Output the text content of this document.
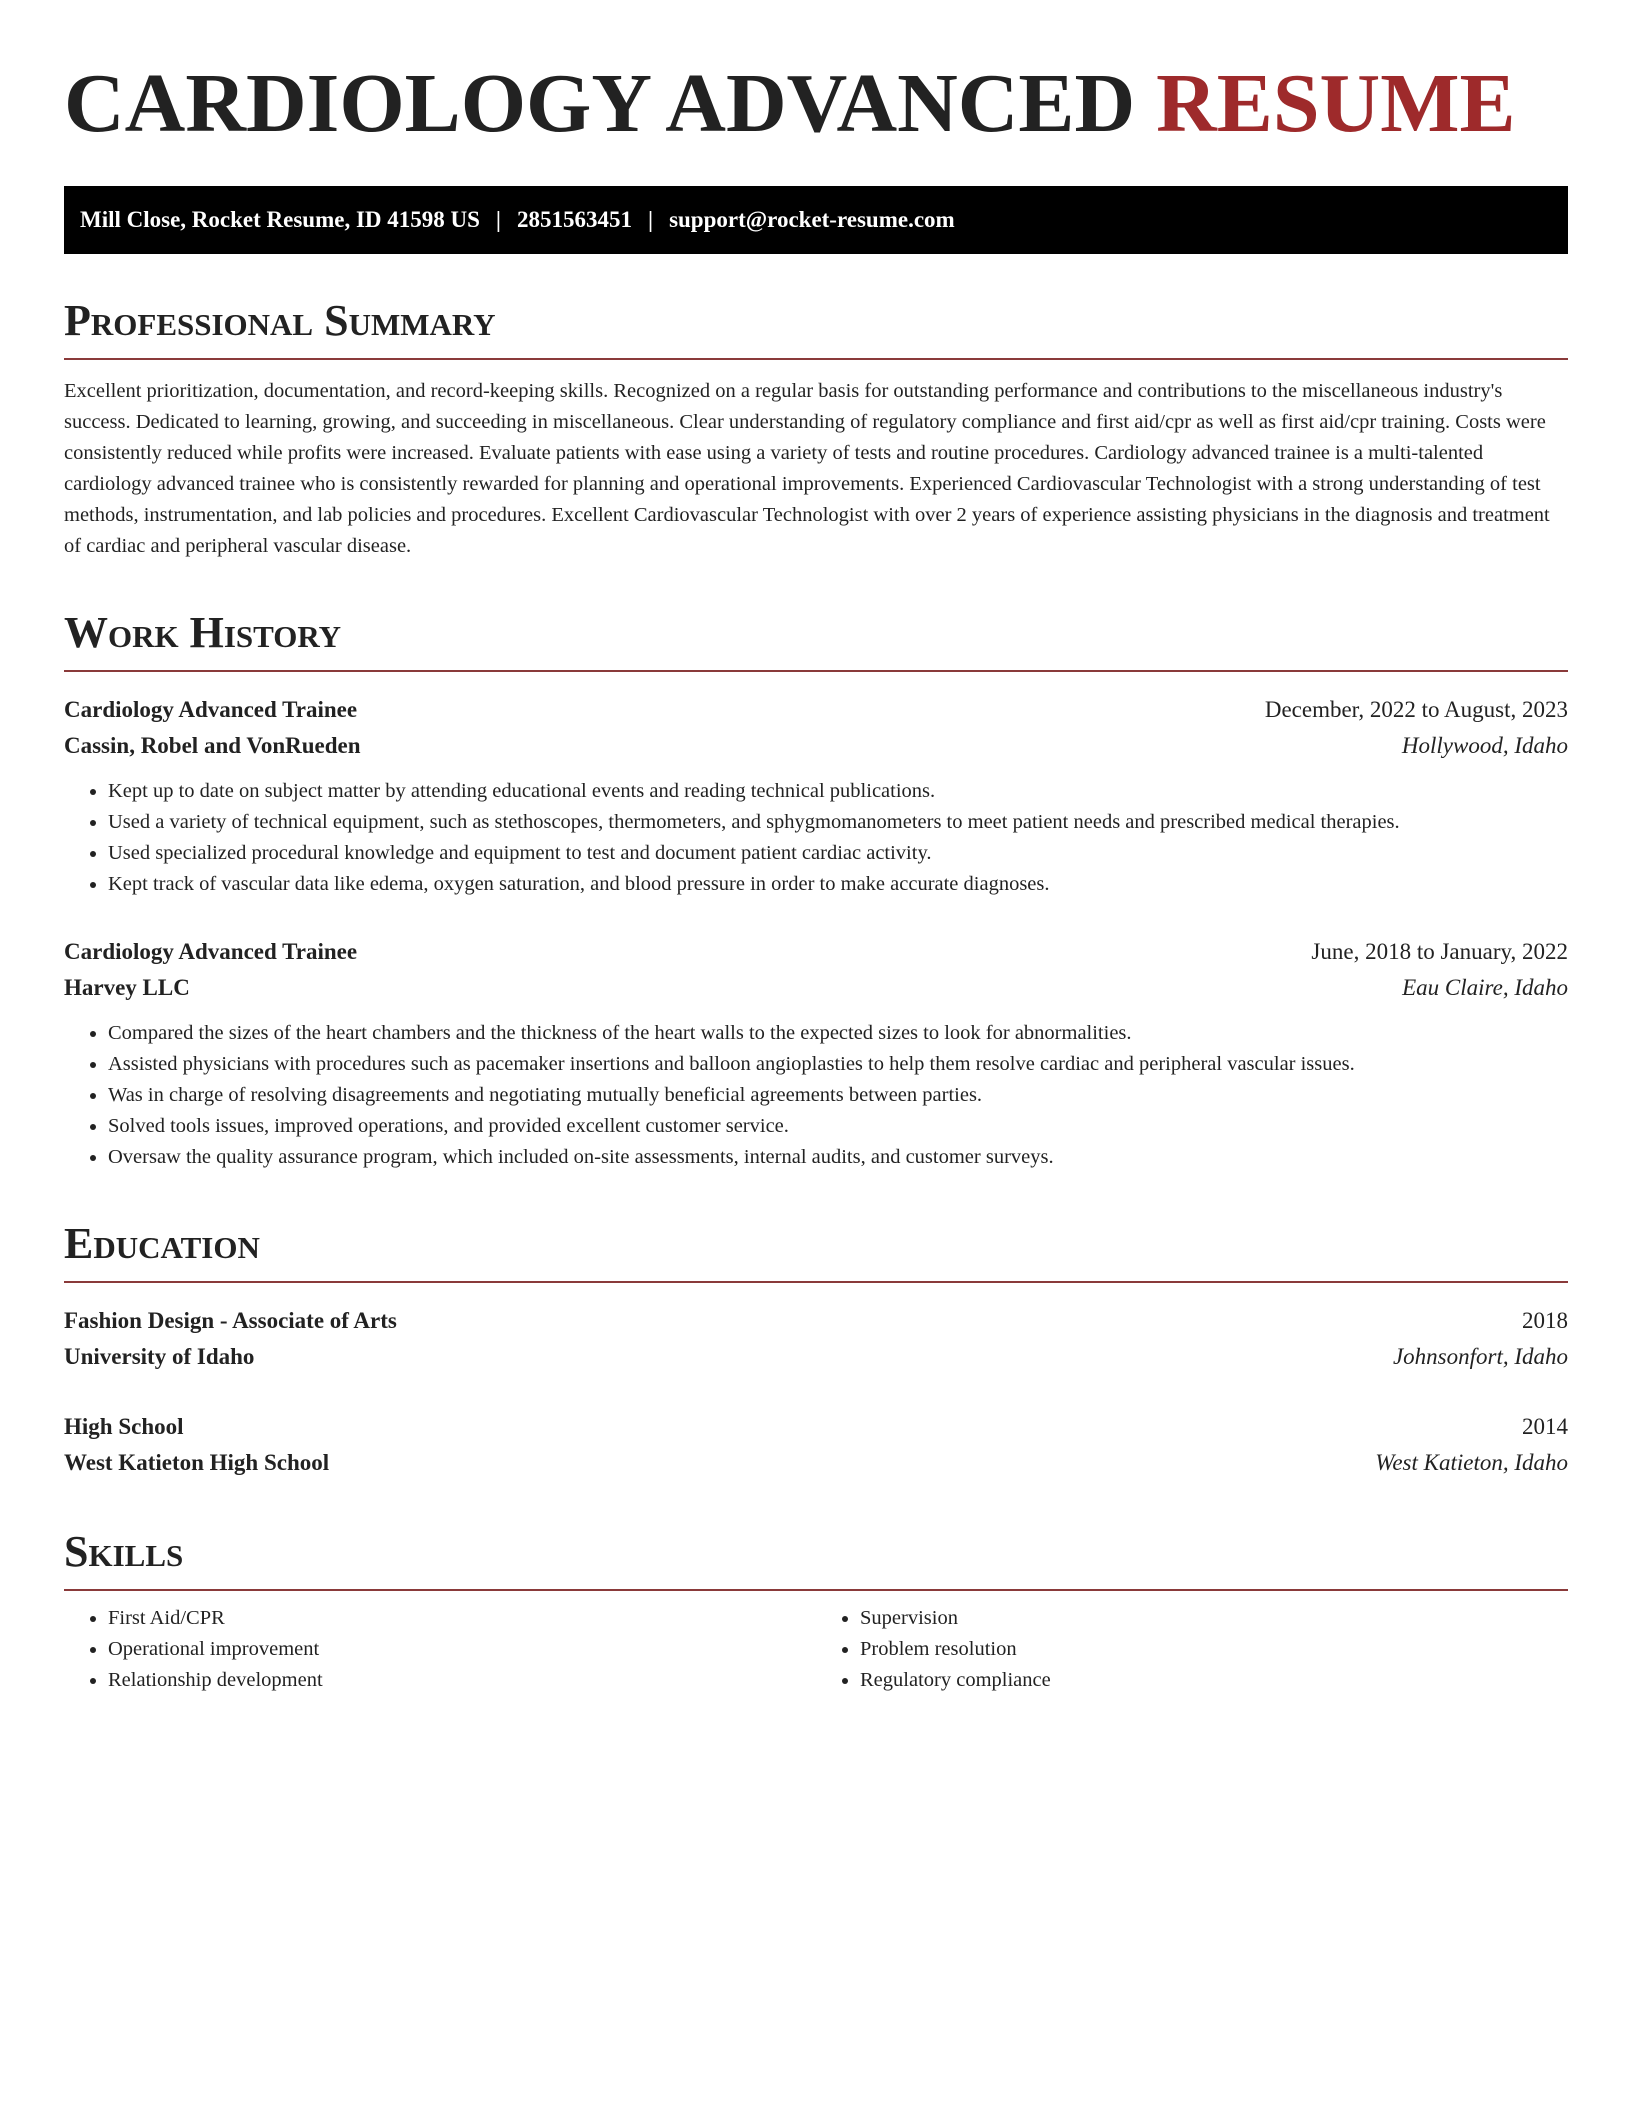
CARDIOLOGY ADVANCED RESUME
Mill Close, Rocket Resume, ID 41598 US | 2851563451 | support@rocket-resume.com
Professional Summary

Excellent prioritization, documentation, and record-keeping skills. Recognized on a regular basis for outstanding performance and contributions to the miscellaneous industry's success. Dedicated to learning, growing, and succeeding in miscellaneous. Clear understanding of regulatory compliance and first aid/cpr as well as first aid/cpr training. Costs were consistently reduced while profits were increased. Evaluate patients with ease using a variety of tests and routine procedures. Cardiology advanced trainee is a multi-talented cardiology advanced trainee who is consistently rewarded for planning and operational improvements. Experienced Cardiovascular Technologist with a strong understanding of test methods, instrumentation, and lab policies and procedures. Excellent Cardiovascular Technologist with over 2 years of experience assisting physicians in the diagnosis and treatment of cardiac and peripheral vascular disease.

Work History
Cardiology Advanced Trainee	December, 2022 to August, 2023
Cassin, Robel and VonRueden	Hollywood, Idaho
• Kept up to date on subject matter by attending educational events and reading technical publications.
• Used a variety of technical equipment, such as stethoscopes, thermometers, and sphygmomanometers to meet patient needs and prescribed medical therapies.
• Used specialized procedural knowledge and equipment to test and document patient cardiac activity.
• Kept track of vascular data like edema, oxygen saturation, and blood pressure in order to make accurate diagnoses.
Cardiology Advanced Trainee	June, 2018 to January, 2022
Harvey LLC	Eau Claire, Idaho
• Compared the sizes of the heart chambers and the thickness of the heart walls to the expected sizes to look for abnormalities.
• Assisted physicians with procedures such as pacemaker insertions and balloon angioplasties to help them resolve cardiac and peripheral vascular issues.
• Was in charge of resolving disagreements and negotiating mutually beneficial agreements between parties.
• Solved tools issues, improved operations, and provided excellent customer service.
• Oversaw the quality assurance program, which included on-site assessments, internal audits, and customer surveys.
Education
Fashion Design - Associate of Arts	2018
University of Idaho	Johnsonfort, Idaho
High School	2014
West Katieton High School	West Katieton, Idaho
Skills
• First Aid/CPR
• Operational improvement
• Relationship development
• Supervision
• Problem resolution
• Regulatory compliance
